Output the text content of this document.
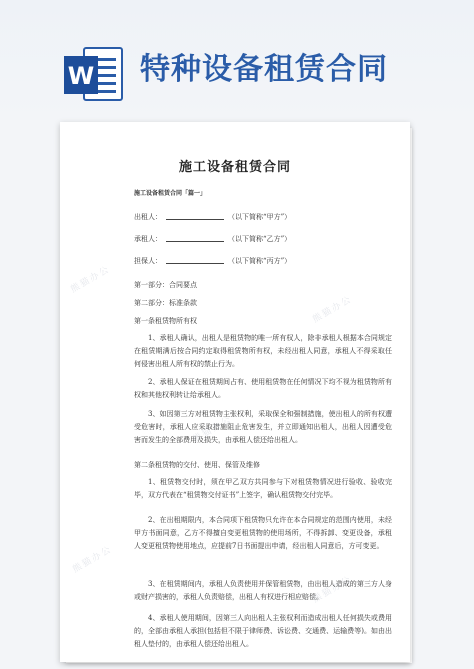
W 特种设备租赁合同
施工设备租赁合同
施工设备租赁合同「篇一」
出租人：	（以下简称“甲方”）
承租人：	（以下简称“乙方”）
担保人：	（以下简称“丙方”）
第一部分：合同要点
第二部分：标准条款
第一条租赁物所有权
1、承租人确认，出租人是租赁物的唯一所有权人，除非承租人根据本合同规定在租赁期满后按合同约定取得租赁物所有权，未经出租人同意，承租人不得采取任何侵害出租人所有权的禁止行为。
2、承租人保证在租赁期间占有、使用租赁物在任何情况下均不视为租赁物所有权和其他权利转让给承租人。
3、如因第三方对租赁物主张权利，采取保全和强制措施，使出租人的所有权遭受危害时，承租人应采取措施阻止危害发生，并立即通知出租人，出租人因遭受危害而发生的全部费用及损失，由承租人偿还给出租人。
第二条租赁物的交付、使用、保管及维修
1、租赁物交付时，须在甲乙双方共同参与下对租赁物情况进行验收、验收完毕，双方代表在“租赁物交付证书”上签字，确认租赁物交付完毕。
2、在出租期限内，本合同项下租赁物只允许在本合同规定的范围内使用，未经甲方书面同意，乙方不得擅自变更租赁物的使用场所，不得拆卸、变更设备，承租人变更租赁物使用地点，应提前7日书面提出申请，经出租人同意后，方可变更。
3、在租赁期间内，承租人负责使用并保管租赁物，由出租人造成的第三方人身或财产损害的，承租人负责赔偿，出租人有权进行相应赔偿。
4、承租人使用期间，因第三人向出租人主张权利而造成出租人任何损失或费用的，全部由承租人承担(包括但不限于律师费、诉讼费、交通费、运输费等)。如由出租人垫付的，由承租人偿还给出租人。
熊猫办公
熊猫办公
熊猫办公
熊猫办公
熊猫办公
